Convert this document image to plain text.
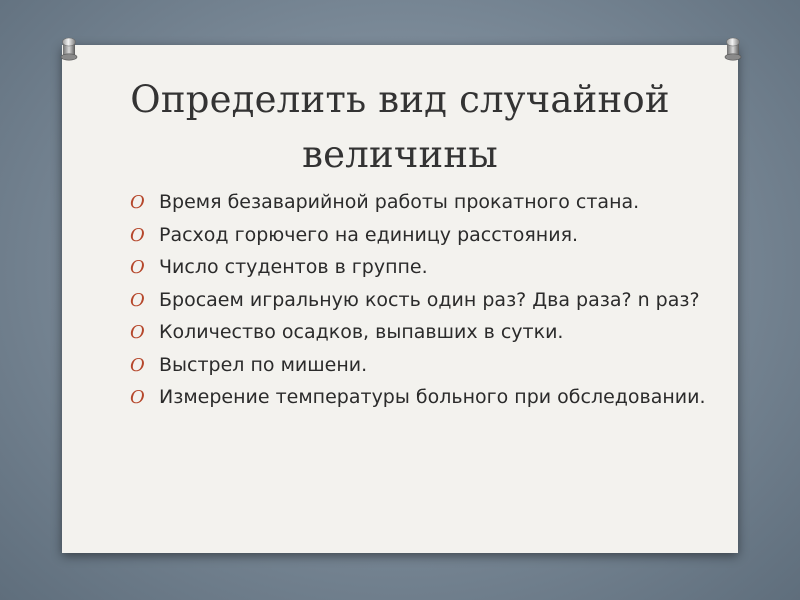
Определить вид случайной
величины
O Время безаварийной работы прокатного стана.
O Расход горючего на единицу расстояния.
O Число студентов в группе.
O Бросаем игральную кость один раз? Два раза? n раз?
O Количество осадков, выпавших в сутки.
O Выстрел по мишени.
O Измерение температуры больного при обследовании.
